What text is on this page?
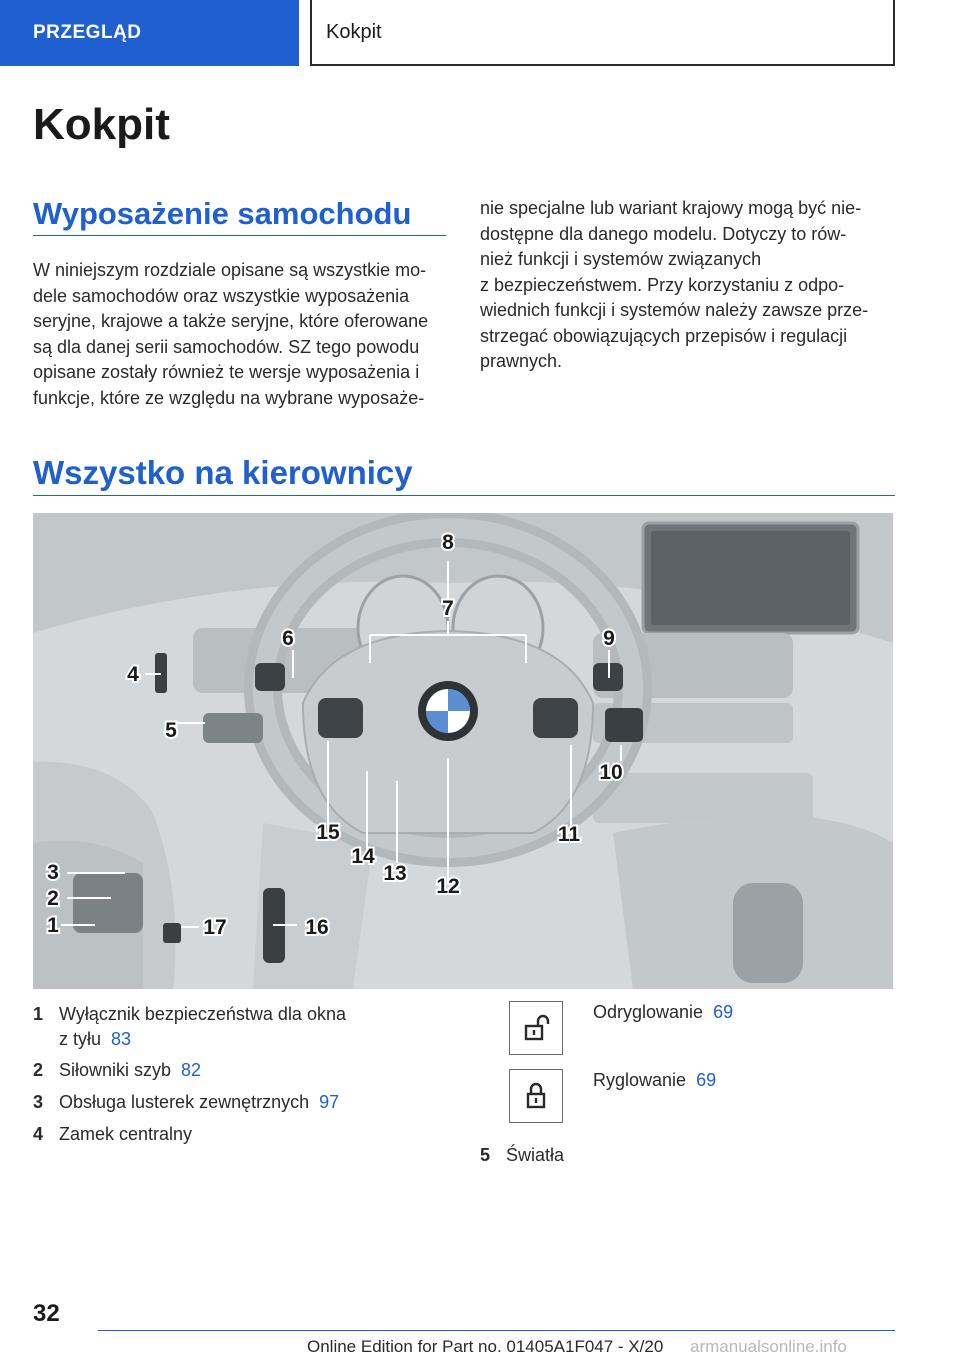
PRZEGLĄD	Kokpit
Kokpit
Wyposażenie samochodu

W niniejszym rozdziale opisane są wszystkie mo-
dele samochodów oraz wszystkie wyposażenia
seryjne, krajowe a także seryjne, które oferowane
są dla danej serii samochodów. SZ tego powodu
opisane zostały również te wersje wyposażenia i
funkcje, które ze względu na wybrane wyposaże-

nie specjalne lub wariant krajowy mogą być nie-
dostępne dla danego modelu. Dotyczy to rów-
nież funkcji i systemów związanych
z bezpieczeństwem. Przy korzystaniu z odpo-
wiednich funkcji i systemów należy zawsze prze-
strzegać obowiązujących przepisów i regulacji
prawnych.

Wszystko na kierownicy
8
7
6	9
4
5
10
11
15
14
13
12
3
2
1	17	16
1 Wyłącznik bezpieczeństwa dla okna
z tyłu 83
2 Siłowniki szyb 82
3 Obsługa lusterek zewnętrznych 97
4 Zamek centralny
Odryglowanie 69
Ryglowanie 69
5 Światła
32
Online Edition for Part no. 01405A1F047 - X/20 armanualsonline.info
